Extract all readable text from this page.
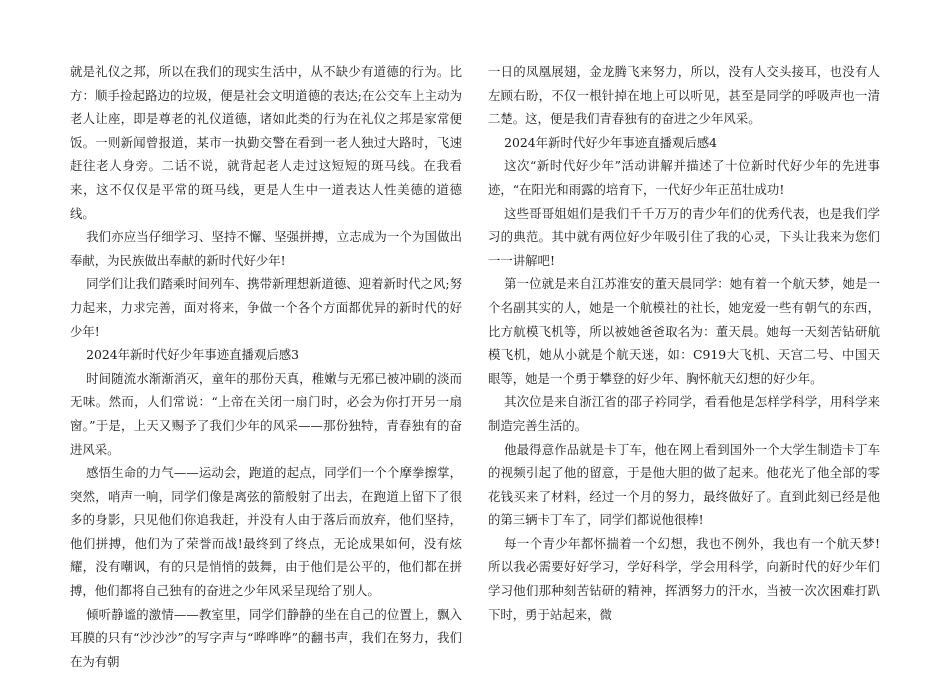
就是礼仪之邦，所以在我们的现实生活中，从不缺少有道德的行为。比方：顺手捡起路边的垃圾，便是社会文明道德的表达;在公交车上主动为老人让座，即是尊老的礼仪道德，诸如此类的行为在礼仪之邦是家常便饭。一则新闻曾报道，某市一执勤交警在看到一老人独过大路时，飞速赶往老人身旁。二话不说，就背起老人走过这短短的斑马线。在我看来，这不仅仅是平常的斑马线，更是人生中一道表达人性美德的道德线。

我们亦应当仔细学习、坚持不懈、坚强拼搏，立志成为一个为国做出奉献，为民族做出奉献的新时代好少年!

同学们让我们踏乘时间列车、携带新理想新道德、迎着新时代之风;努力起来，力求完善，面对将来，争做一个各个方面都优异的新时代的好少年!

2024年新时代好少年事迹直播观后感3

时间随流水渐渐消灭，童年的那份天真，稚嫩与无邪已被冲刷的淡而无味。然而，人们常说：“上帝在关闭一扇门时，必会为你打开另一扇窗。”于是，上天又赐予了我们少年的风采——那份独特，青春独有的奋进风采。

感悟生命的力气——运动会，跑道的起点，同学们一个个摩拳擦掌，突然，哨声一响，同学们像是离弦的箭般射了出去，在跑道上留下了很多的身影，只见他们你追我赶，并没有人由于落后而放弃，他们坚持，他们拼搏，他们为了荣誉而战!最终到了终点，无论成果如何，没有炫耀，没有嘲讽，有的只是悄悄的鼓舞，由于他们是公平的，他们都在拼搏，他们都将自己独有的奋进之少年风采呈现给了别人。

倾听静谧的激情——教室里，同学们静静的坐在自己的位置上，飘入耳膜的只有“沙沙沙”的写字声与“哗哗哗”的翻书声，我们在努力，我们在为有朝

一日的凤凰展翅，金龙腾飞来努力，所以，没有人交头接耳，也没有人左顾右盼，不仅一根针掉在地上可以听见，甚至是同学的呼吸声也一清二楚。这，便是我们青春独有的奋进之少年风采。

2024年新时代好少年事迹直播观后感4

这次“新时代好少年”活动讲解并描述了十位新时代好少年的先进事迹，“在阳光和雨露的培育下，一代好少年正茁壮成功!

这些哥哥姐姐们是我们千千万万的青少年们的优秀代表，也是我们学习的典范。其中就有两位好少年吸引住了我的心灵，下头让我来为您们一一讲解吧!

第一位就是来自江苏淮安的董天晨同学：她有着一个航天梦，她是一个名副其实的人，她是一个航模社的社长，她宠爱一些有朝气的东西，比方航模飞机等，所以被她爸爸取名为：董天晨。她每一天刻苦钻研航模飞机，她从小就是个航天迷，如：C919大飞机、天宫二号、中国天眼等，她是一个勇于攀登的好少年、胸怀航天幻想的好少年。

其次位是来自浙江省的邵子衿同学，看看他是怎样学科学，用科学来制造完善生活的。

他最得意作品就是卡丁车，他在网上看到国外一个大学生制造卡丁车的视频引起了他的留意，于是他大胆的做了起来。他花光了他全部的零花钱买来了材料，经过一个月的努力，最终做好了。直到此刻已经是他的第三辆卡丁车了，同学们都说他很棒!

每一个青少年都怀揣着一个幻想，我也不例外，我也有一个航天梦!所以我必需要好好学习，学好科学，学会用科学，向新时代的好少年们学习他们那种刻苦钻研的精神，挥洒努力的汗水，当被一次次困难打趴下时，勇于站起来，微
